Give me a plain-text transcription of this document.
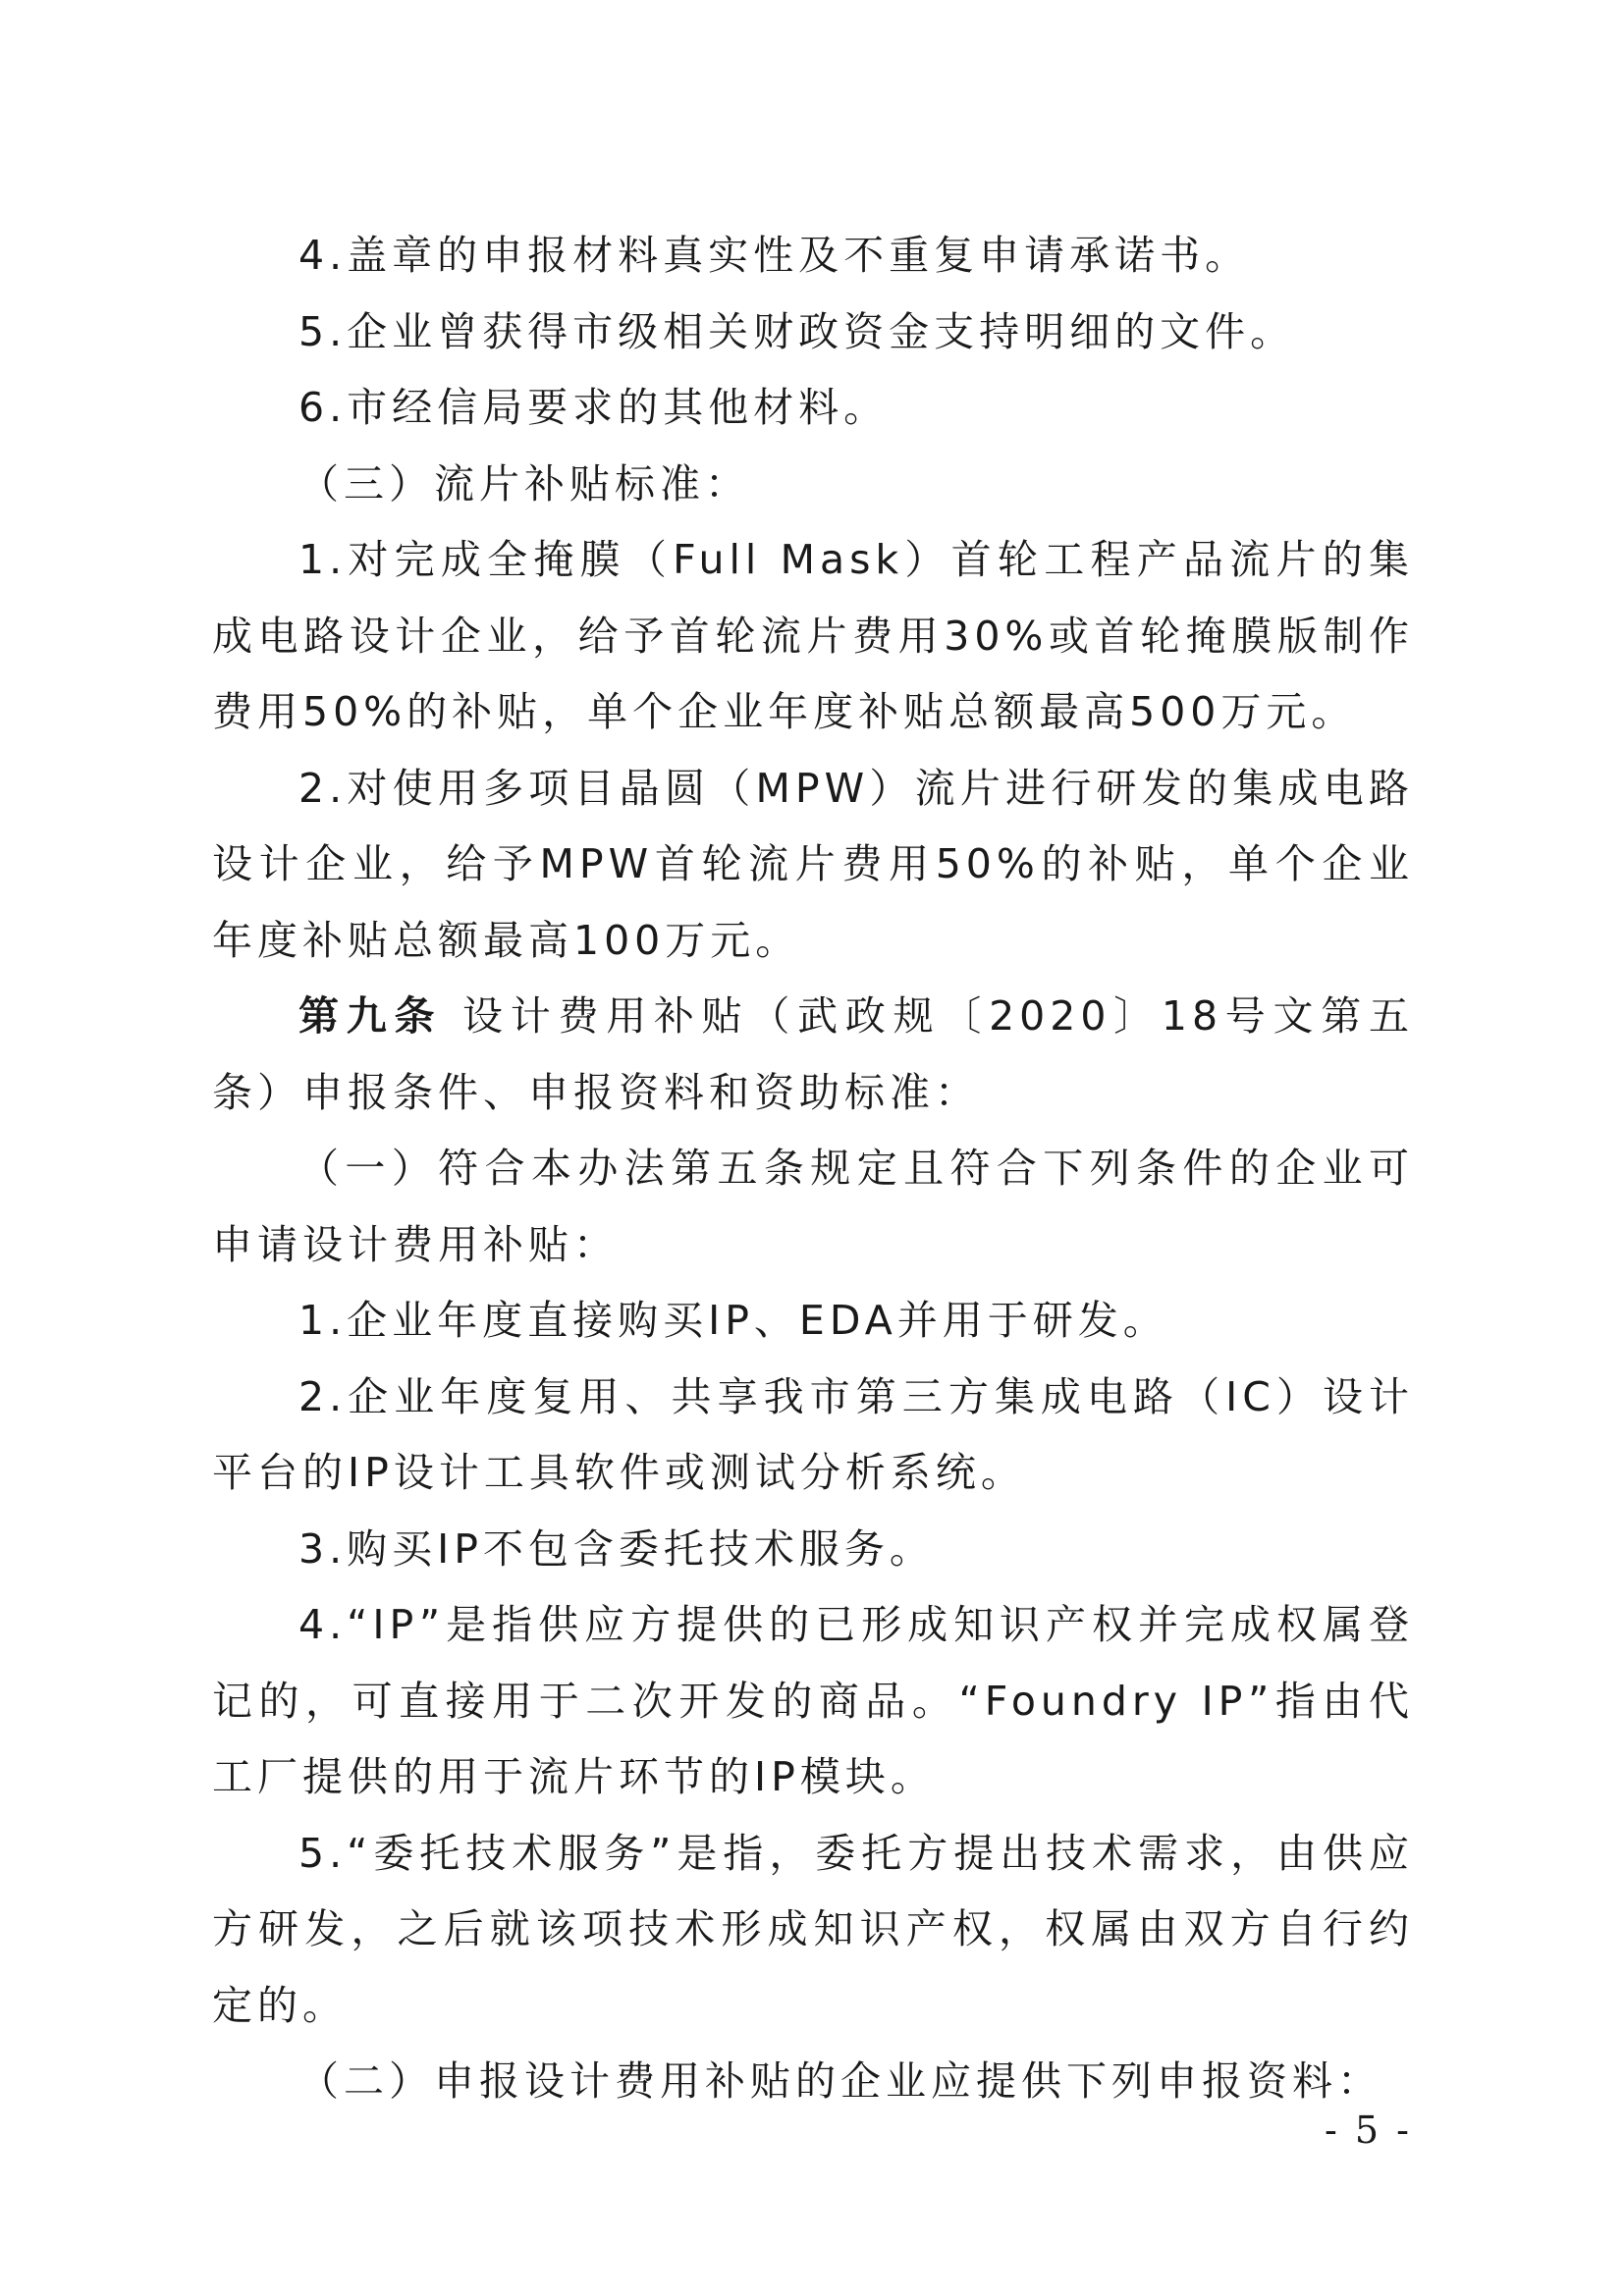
4.盖章的申报材料真实性及不重复申请承诺书。

5.企业曾获得市级相关财政资金支持明细的文件。

6.市经信局要求的其他材料。

（三）流片补贴标准：

1.对完成全掩膜（Full Mask）首轮工程产品流片的集成电路设计企业，给予首轮流片费用30%或首轮掩膜版制作费用50%的补贴，单个企业年度补贴总额最高500万元。

2.对使用多项目晶圆（MPW）流片进行研发的集成电路设计企业，给予MPW首轮流片费用50%的补贴，单个企业年度补贴总额最高100万元。

第九条 设计费用补贴（武政规〔2020〕18号文第五条）申报条件、申报资料和资助标准：

（一）符合本办法第五条规定且符合下列条件的企业可申请设计费用补贴：

1.企业年度直接购买IP、EDA并用于研发。

2.企业年度复用、共享我市第三方集成电路（IC）设计平台的IP设计工具软件或测试分析系统。

3.购买IP不包含委托技术服务。

4.“IP”是指供应方提供的已形成知识产权并完成权属登记的，可直接用于二次开发的商品。“Foundry IP”指由代工厂提供的用于流片环节的IP模块。

5.“委托技术服务”是指，委托方提出技术需求，由供应方研发，之后就该项技术形成知识产权，权属由双方自行约定的。

（二）申报设计费用补贴的企业应提供下列申报资料：

- 5 -
